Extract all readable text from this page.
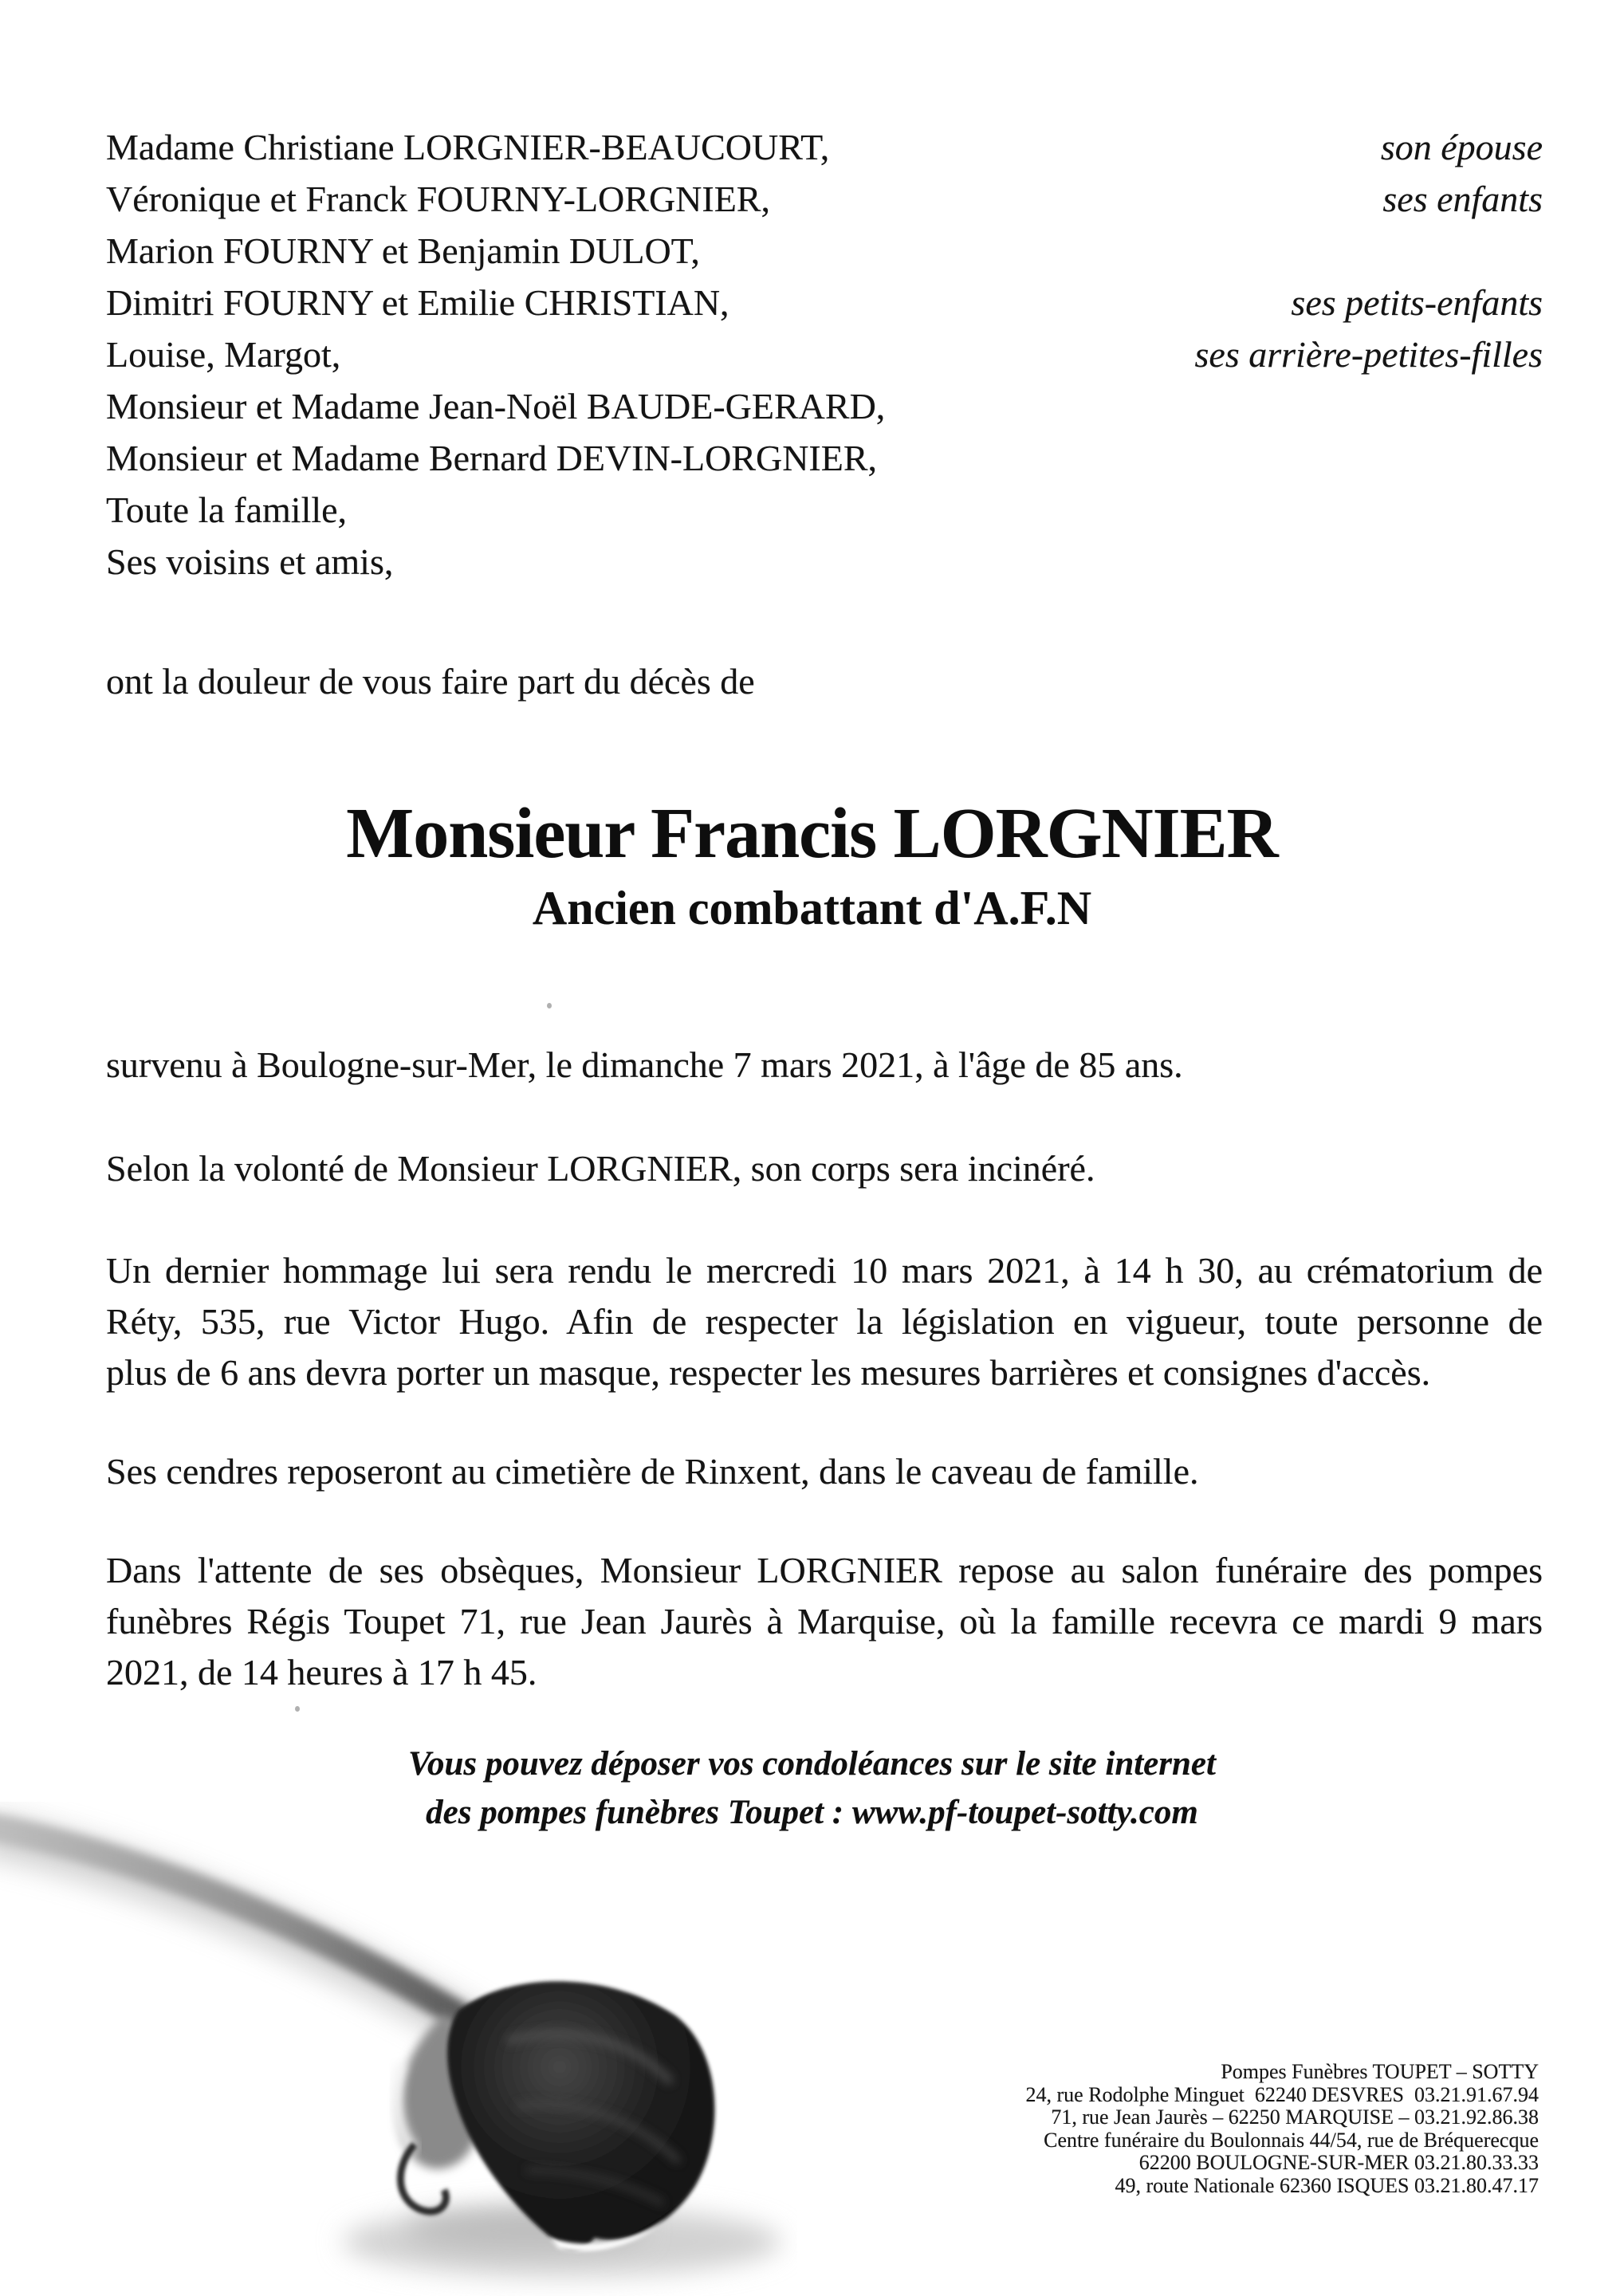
Madame Christiane LORGNIER-BEAUCOURT,	son épouse
Véronique et Franck FOURNY-LORGNIER,	ses enfants
Marion FOURNY et Benjamin DULOT,
Dimitri FOURNY et Emilie CHRISTIAN,	ses petits-enfants
Louise, Margot,	ses arrière-petites-filles
Monsieur et Madame Jean-Noël BAUDE-GERARD,
Monsieur et Madame Bernard DEVIN-LORGNIER,
Toute la famille,
Ses voisins et amis,
ont la douleur de vous faire part du décès de
Monsieur Francis LORGNIER
Ancien combattant d'A.F.N
survenu à Boulogne-sur-Mer, le dimanche 7 mars 2021, à l'âge de 85 ans.
Selon la volonté de Monsieur LORGNIER, son corps sera incinéré.
Un dernier hommage lui sera rendu le mercredi 10 mars 2021, à 14 h 30, au crématorium de
Réty, 535, rue Victor Hugo. Afin de respecter la législation en vigueur, toute personne de
plus de 6 ans devra porter un masque, respecter les mesures barrières et consignes d'accès.
Ses cendres reposeront au cimetière de Rinxent, dans le caveau de famille.
Dans l'attente de ses obsèques, Monsieur LORGNIER repose au salon funéraire des pompes
funèbres Régis Toupet 71, rue Jean Jaurès à Marquise, où la famille recevra ce mardi 9 mars
2021, de 14 heures à 17 h 45.
Vous pouvez déposer vos condoléances sur le site internet
des pompes funèbres Toupet : www.pf-toupet-sotty.com
Pompes Funèbres TOUPET – SOTTY
24, rue Rodolphe Minguet  62240 DESVRES  03.21.91.67.94
71, rue Jean Jaurès – 62250 MARQUISE – 03.21.92.86.38
Centre funéraire du Boulonnais 44/54, rue de Bréquerecque
62200 BOULOGNE-SUR-MER 03.21.80.33.33
49, route Nationale 62360 ISQUES 03.21.80.47.17
